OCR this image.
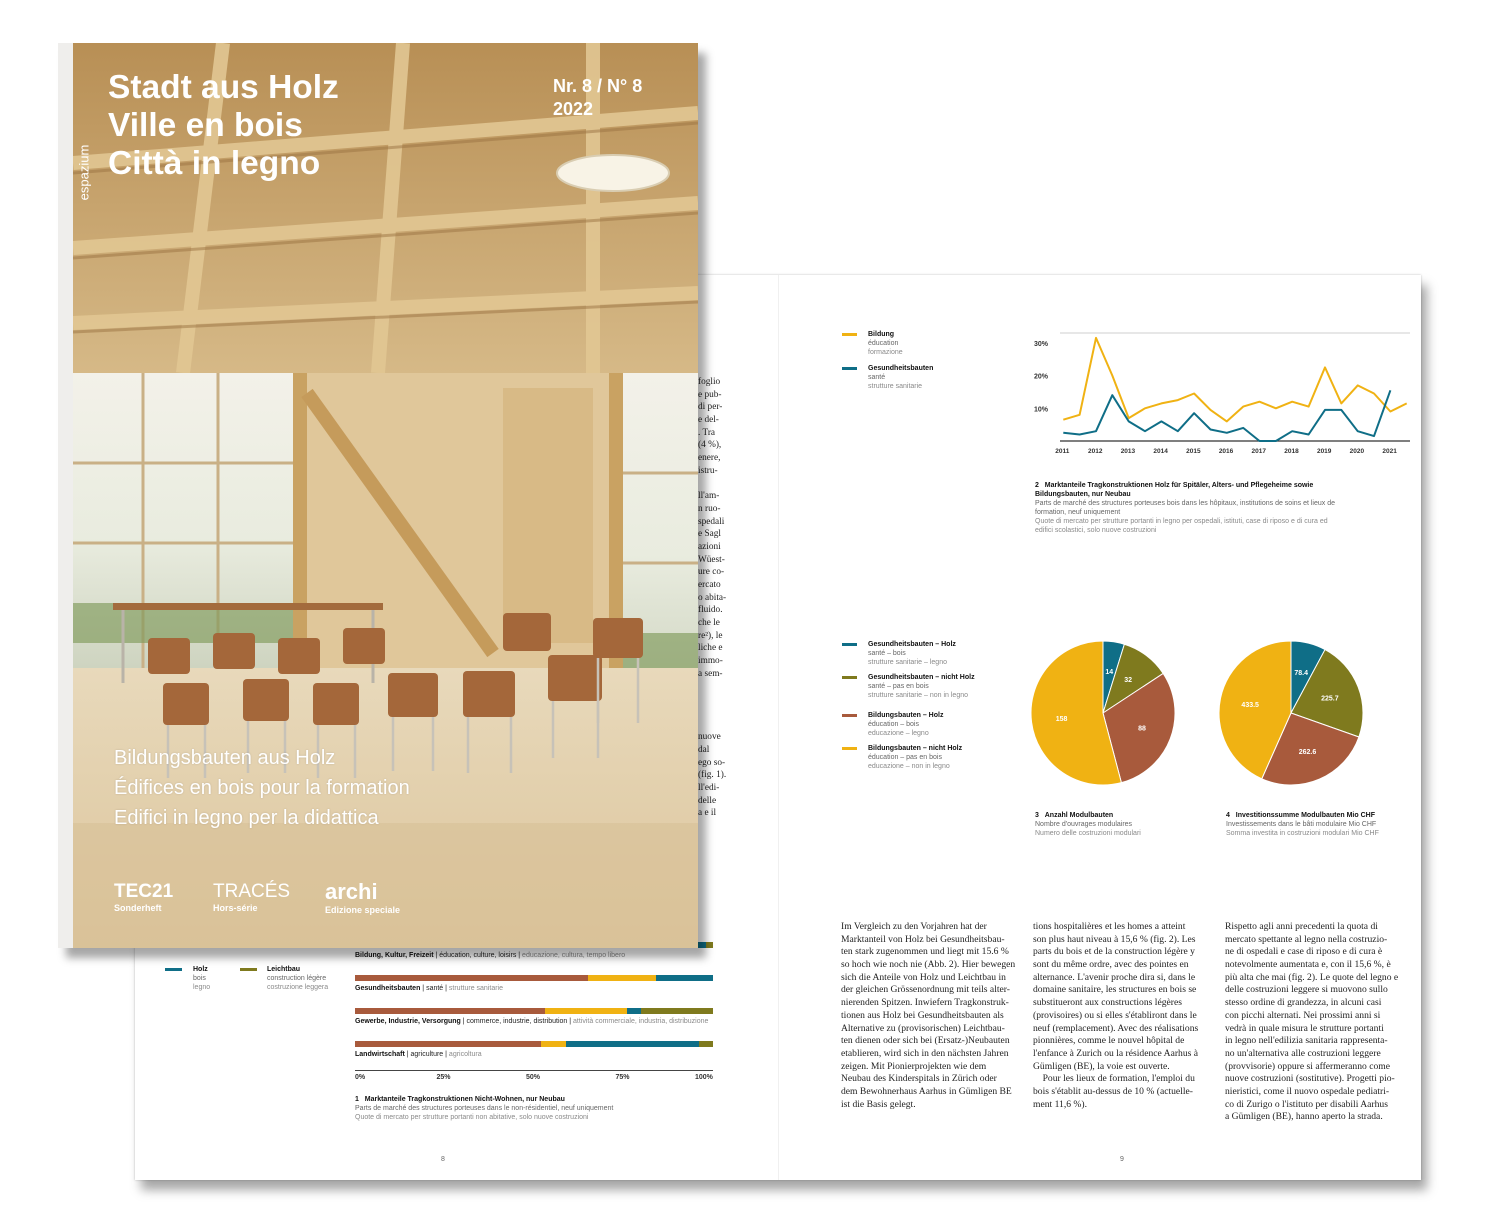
foglio
e pub-
di per-
e del-
. Tra
(4 %),
enere,
istru-
ll'am-
n ruo-
spedali
e Sagl
azioni
Wüest-
ure co-
ercato
o abita-
fluido.
che le
re²), le
liche e
immo-
a sem-
nuove
dal
ego so-
(fig. 1).
ll'edi-
delle
a e il
Holz
bois
legno
Leichtbau
construction légère
costruzione leggera
Bildung, Kultur, Freizeit | éducation, culture, loisirs | educazione, cultura, tempo libero
Gesundheitsbauten | santé | strutture sanitarie
Gewerbe, Industrie, Versorgung | commerce, industrie, distribution | attività commerciale, industria, distribuzione
Landwirtschaft | agriculture | agricoltura
0%	25%	50%	75%	100%
1 Marktanteile Tragkonstruktionen Nicht-Wohnen, nur Neubau
Parts de marché des structures porteuses dans le non-résidentiel, neuf uniquement
Quote di mercato per strutture portanti non abitative, solo nuove costruzioni
8
Bildung
éducation
formazione
Gesundheitsbauten
santé
strutture sanitarie
30%
20%
10%
2011	2012	2013	2014	2015	2016	2017	2018	2019	2020	2021
2 Marktanteile Tragkonstruktionen Holz für Spitäler, Alters- und Pflegeheime sowie Bildungsbauten, nur Neubau
Parts de marché des structures porteuses bois dans les hôpitaux, institutions de soins et lieux de formation, neuf uniquement
Quote di mercato per strutture portanti in legno per ospedali, istituti, case di riposo e di cura ed edifici scolastici, solo nuove costruzioni
Gesundheitsbauten – Holz
santé – bois
strutture sanitarie – legno
Gesundheitsbauten – nicht Holz
santé – pas en bois
strutture sanitarie – non in legno
Bildungsbauten – Holz
éducation – bois
educazione – legno
Bildungsbauten – nicht Holz
éducation – pas en bois
educazione – non in legno
14
32
88
158
78.4
225.7
262.6
433.5
3 Anzahl Modulbauten
Nombre d'ouvrages modulaires
Numero delle costruzioni modulari
4 Investitionssumme Modulbauten Mio CHF
Investissements dans le bâti modulaire Mio CHF
Somma investita in costruzioni modulari Mio CHF
Im Vergleich zu den Vorjahren hat der
Marktanteil von Holz bei Gesundheitsbau-
ten stark zugenommen und liegt mit 15.6 %
so hoch wie noch nie (Abb. 2). Hier bewegen
sich die Anteile von Holz und Leichtbau in
der gleichen Grössenordnung mit teils alter-
nierenden Spitzen. Inwiefern Tragkonstruk-
tionen aus Holz bei Gesundheitsbauten als
Alternative zu (provisorischen) Leichtbau-
ten dienen oder sich bei (Ersatz-)Neubauten
etablieren, wird sich in den nächsten Jahren
zeigen. Mit Pionierprojekten wie dem
Neubau des Kinderspitals in Zürich oder
dem Bewohnerhaus Aarhus in Gümligen BE
ist die Basis gelegt.
tions hospitalières et les homes a atteint
son plus haut niveau à 15,6 % (fig. 2). Les
parts du bois et de la construction légère y
sont du même ordre, avec des pointes en
alternance. L'avenir proche dira si, dans le
domaine sanitaire, les structures en bois se
substitueront aux constructions légères
(provisoires) ou si elles s'établiront dans le
neuf (remplacement). Avec des réalisations
pionnières, comme le nouvel hôpital de
l'enfance à Zurich ou la résidence Aarhus à
Gümligen (BE), la voie est ouverte.
Pour les lieux de formation, l'emploi du
bois s'établit au-dessus de 10 % (actuelle-
ment 11,6 %).
Rispetto agli anni precedenti la quota di
mercato spettante al legno nella costruzio-
ne di ospedali e case di riposo e di cura è
notevolmente aumentata e, con il 15,6 %, è
più alta che mai (fig. 2). Le quote del legno e
delle costruzioni leggere si muovono sullo
stesso ordine di grandezza, in alcuni casi
con picchi alternati. Nei prossimi anni si
vedrà in quale misura le strutture portanti
in legno nell'edilizia sanitaria rappresenta-
no un'alternativa alle costruzioni leggere
(provvisorie) oppure si affermeranno come
nuove costruzioni (sostitutive). Progetti pio-
nieristici, come il nuovo ospedale pediatri-
co di Zurigo o l'istituto per disabili Aarhus
a Gümligen (BE), hanno aperto la strada.
9
espazium
Stadt aus Holz
Ville en bois
Città in legno
Nr. 8 / N° 8
2022
Bildungsbauten aus Holz
Édifices en bois pour la formation
Edifici in legno per la didattica
TEC21
Sonderheft
TRACÉS
Hors-série
archi
Edizione speciale
